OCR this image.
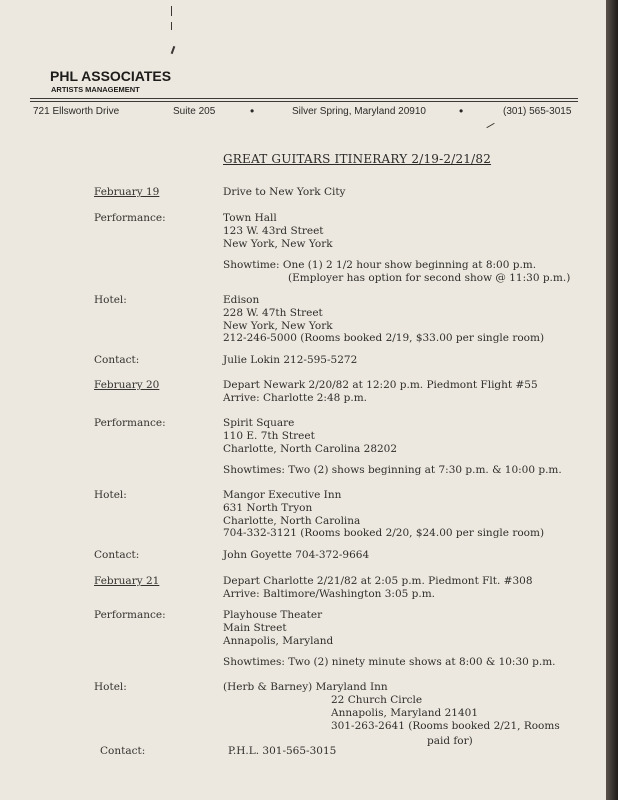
PHL ASSOCIATES
ARTISTS MANAGEMENT
721 Ellsworth Drive	Suite 205	•	Silver Spring, Maryland 20910	•	(301) 565-3015
GREAT GUITARS ITINERARY 2/19-2/21/82
February 19	Drive to New York City
Performance:	Town Hall
123 W. 43rd Street
New York, New York
Showtime: One (1) 2 1/2 hour show beginning at 8:00 p.m.
(Employer has option for second show @ 11:30 p.m.)
Hotel:	Edison
228 W. 47th Street
New York, New York
212-246-5000 (Rooms booked 2/19, $33.00 per single room)
Contact:	Julie Lokin 212-595-5272
February 20	Depart Newark 2/20/82 at 12:20 p.m. Piedmont Flight #55
Arrive: Charlotte 2:48 p.m.
Performance:	Spirit Square
110 E. 7th Street
Charlotte, North Carolina 28202
Showtimes: Two (2) shows beginning at 7:30 p.m. & 10:00 p.m.
Hotel:	Mangor Executive Inn
631 North Tryon
Charlotte, North Carolina
704-332-3121 (Rooms booked 2/20, $24.00 per single room)
Contact:	John Goyette 704-372-9664
February 21	Depart Charlotte 2/21/82 at 2:05 p.m. Piedmont Flt. #308
Arrive: Baltimore/Washington 3:05 p.m.
Performance:	Playhouse Theater
Main Street
Annapolis, Maryland
Showtimes: Two (2) ninety minute shows at 8:00 & 10:30 p.m.
Hotel:	(Herb & Barney) Maryland Inn
22 Church Circle
Annapolis, Maryland 21401
301-263-2641 (Rooms booked 2/21, Rooms
paid for)
Contact:	P.H.L. 301-565-3015
